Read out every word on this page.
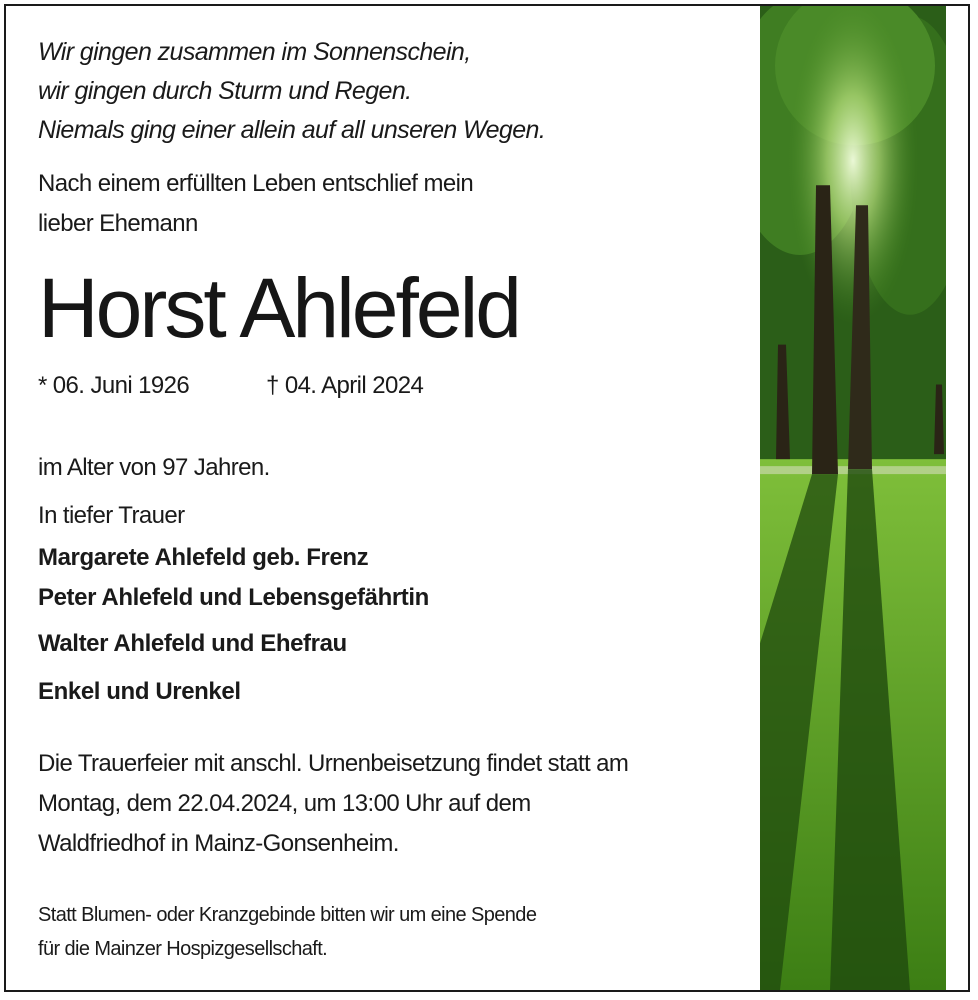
Wir gingen zusammen im Sonnenschein,
wir gingen durch Sturm und Regen.
Niemals ging einer allein auf all unseren Wegen.
Nach einem erfüllten Leben entschlief mein
lieber Ehemann
Horst Ahlefeld
* 06. Juni 1926	† 04. April 2024
im Alter von 97 Jahren.
In tiefer Trauer
Margarete Ahlefeld geb. Frenz
Peter Ahlefeld und Lebensgefährtin
Walter Ahlefeld und Ehefrau
Enkel und Urenkel
Die Trauerfeier mit anschl. Urnenbeisetzung findet statt am
Montag, dem 22.04.2024, um 13:00 Uhr auf dem
Waldfriedhof in Mainz-Gonsenheim.
Statt Blumen- oder Kranzgebinde bitten wir um eine Spende
für die Mainzer Hospizgesellschaft.
